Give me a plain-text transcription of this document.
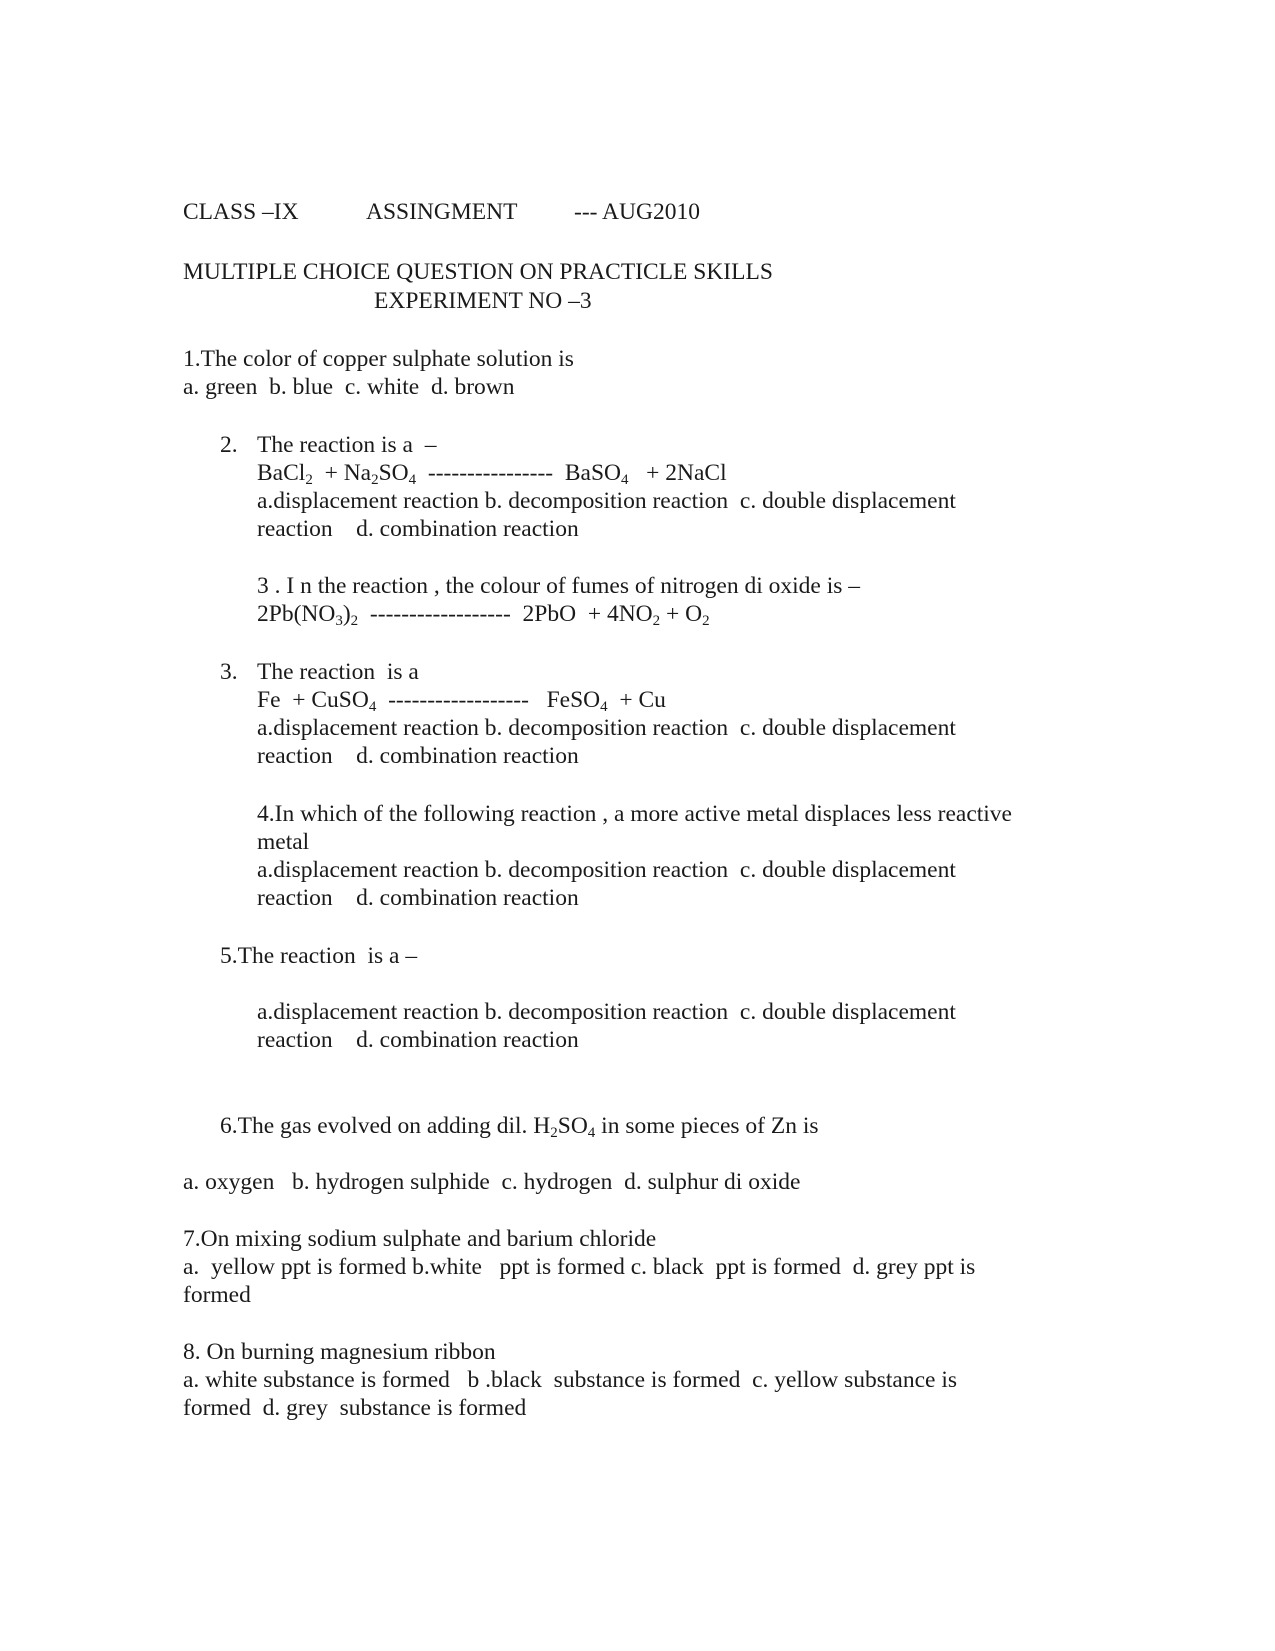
CLASS –IX	ASSINGMENT --- AUG2010
MULTIPLE CHOICE QUESTION ON PRACTICLE SKILLS
EXPERIMENT NO –3
1.The color of copper sulphate solution is
a. green  b. blue  c. white  d. brown
2. The reaction is a  –
BaCl$_2$  + $Na_2SO_4$  ----------------  BaSO$_4$   + 2NaCl
a.displacement reaction b. decomposition reaction  c. double displacement
reaction    d. combination reaction
3 . I n the reaction , the colour of fumes of nitrogen di oxide is –
$2Pb(NO_3)_2$  ------------------  $2PbO + 4NO_2 + O_2$
3. The reaction  is a
Fe  + CuSO$_4$  ------------------   FeSO$_4$  + Cu
a.displacement reaction b. decomposition reaction  c. double displacement
reaction    d. combination reaction
4.In which of the following reaction , a more active metal displaces less reactive
metal
a.displacement reaction b. decomposition reaction  c. double displacement
reaction    d. combination reaction
5.The reaction  is a –
a.displacement reaction b. decomposition reaction  c. double displacement
reaction    d. combination reaction
6.The gas evolved on adding dil. $H_2SO_4$ in some pieces of Zn is
a. oxygen   b. hydrogen sulphide  c. hydrogen  d. sulphur di oxide
7.On mixing sodium sulphate and barium chloride
a.  yellow ppt is formed b.white   ppt is formed c. black  ppt is formed  d. grey ppt is
formed
8. On burning magnesium ribbon
a. white substance is formed   b .black  substance is formed  c. yellow substance is
formed  d. grey  substance is formed
